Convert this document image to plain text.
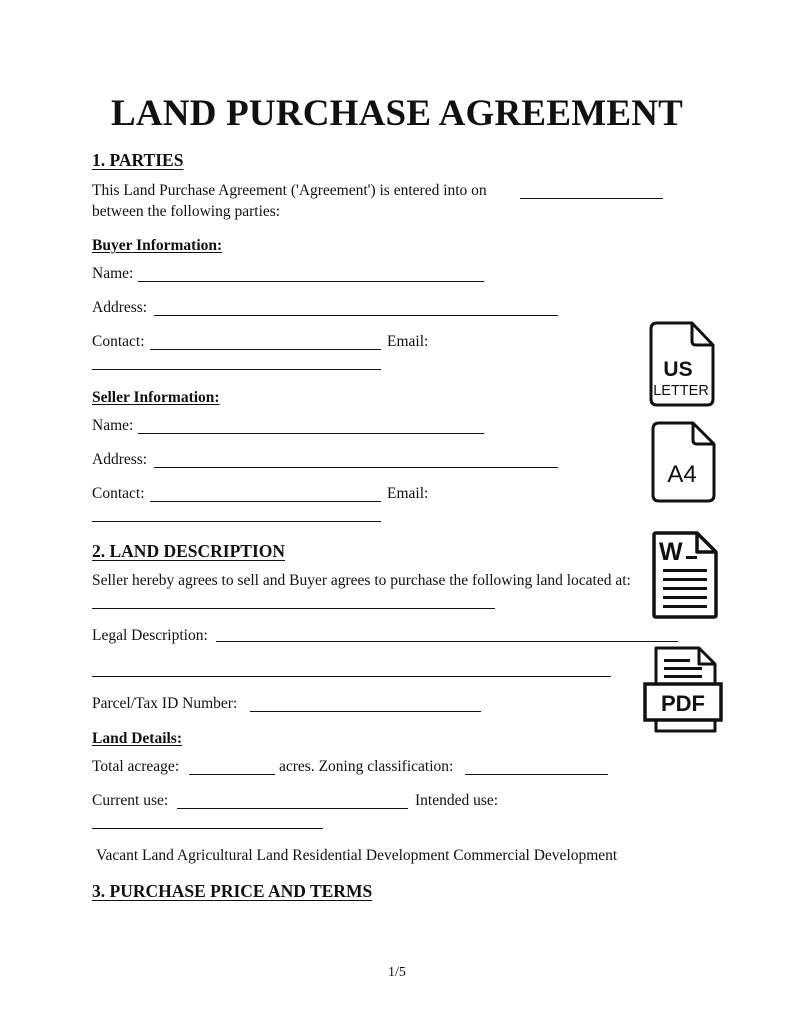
LAND PURCHASE AGREEMENT
1. PARTIES
This Land Purchase Agreement ('Agreement') is entered into on
between the following parties:
Buyer Information:
Name:
Address:
Contact:	Email:
Seller Information:
Name:
Address:
Contact:	Email:
2. LAND DESCRIPTION
Seller hereby agrees to sell and Buyer agrees to purchase the following land located at:
Legal Description:
Parcel/Tax ID Number:
Land Details:
Total acreage:	acres. Zoning classification:
Current use:	Intended use:
Vacant Land Agricultural Land Residential Development Commercial Development
3. PURCHASE PRICE AND TERMS
1/5
US
LETTER
A4
W
PDF
